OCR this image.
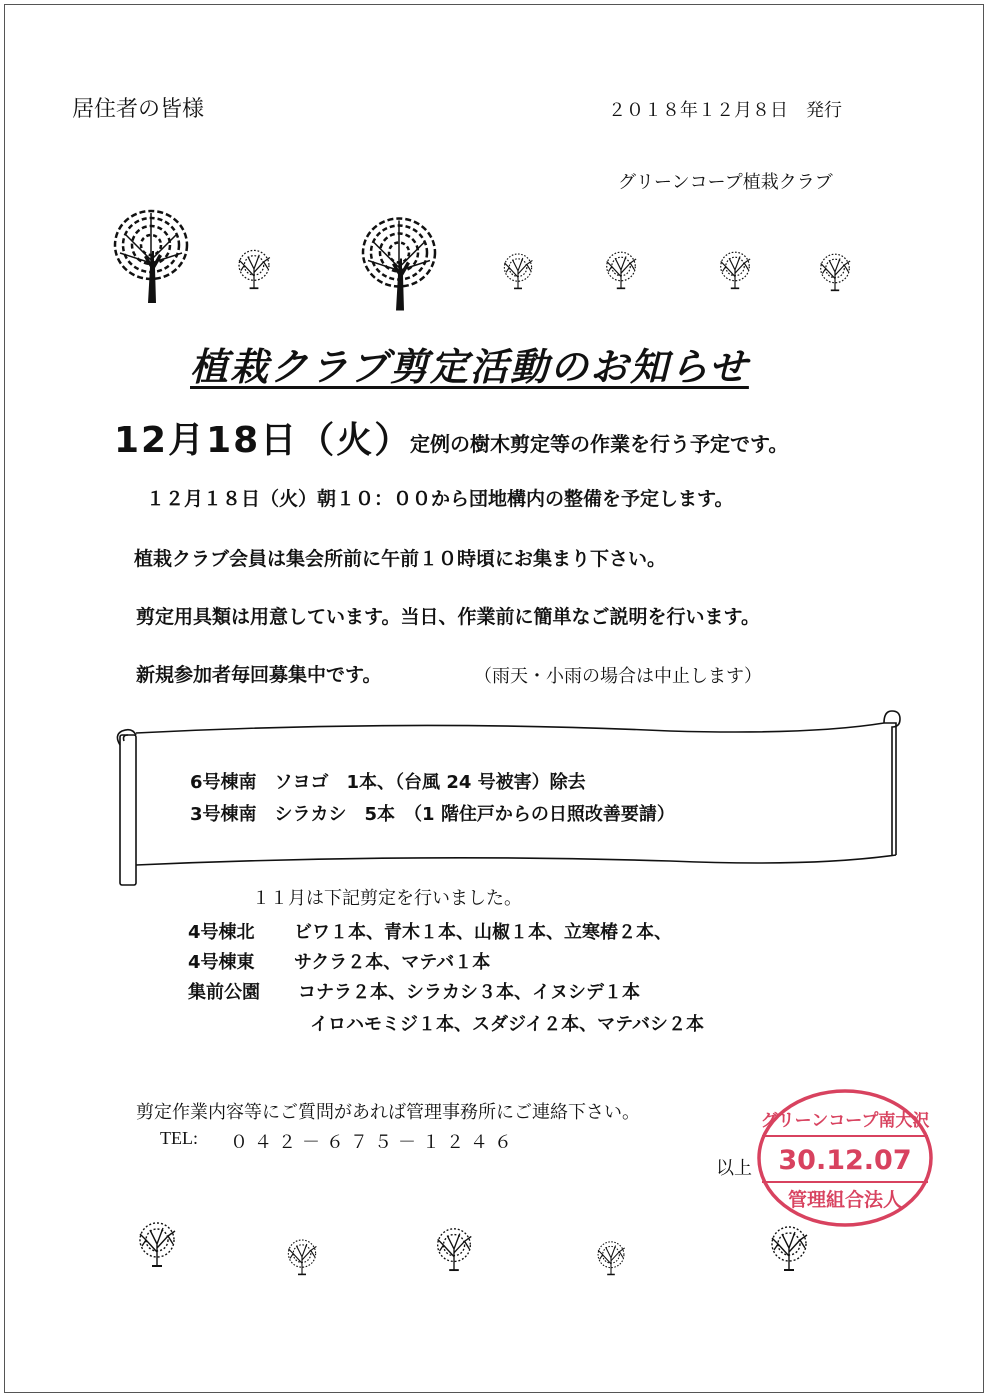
居住者の皆様	２０１８年１２月８日　発行
グリーンコープ植栽クラブ
植栽クラブ剪定活動のお知らせ
12月18日（火）
定例の樹木剪定等の作業を行う予定です。
１２月１８日（火）朝１０：００から団地構内の整備を予定します。
植栽クラブ会員は集会所前に午前１０時頃にお集まり下さい。
剪定用具類は用意しています。当日、作業前に簡単なご説明を行います。
新規参加者毎回募集中です。	（雨天・小雨の場合は中止します）
6号棟南　ソヨゴ　1本、（台風 24 号被害）除去
3号棟南　シラカシ　5本　（1 階住戸からの日照改善要請）
１１月は下記剪定を行いました。
4号棟北 ビワ１本、青木１本、山椒１本、立寒椿２本、
4号棟東 サクラ２本、マテバ１本
集前公園 コナラ２本、シラカシ３本、イヌシデ１本
イロハモミジ１本、スダジイ２本、マテバシ２本
剪定作業内容等にご質問があれば管理事務所にご連絡下さい。
TEL: ０４２－６７５－１２４６
以上
グリーンコープ南大沢
30.12.07
管理組合法人
